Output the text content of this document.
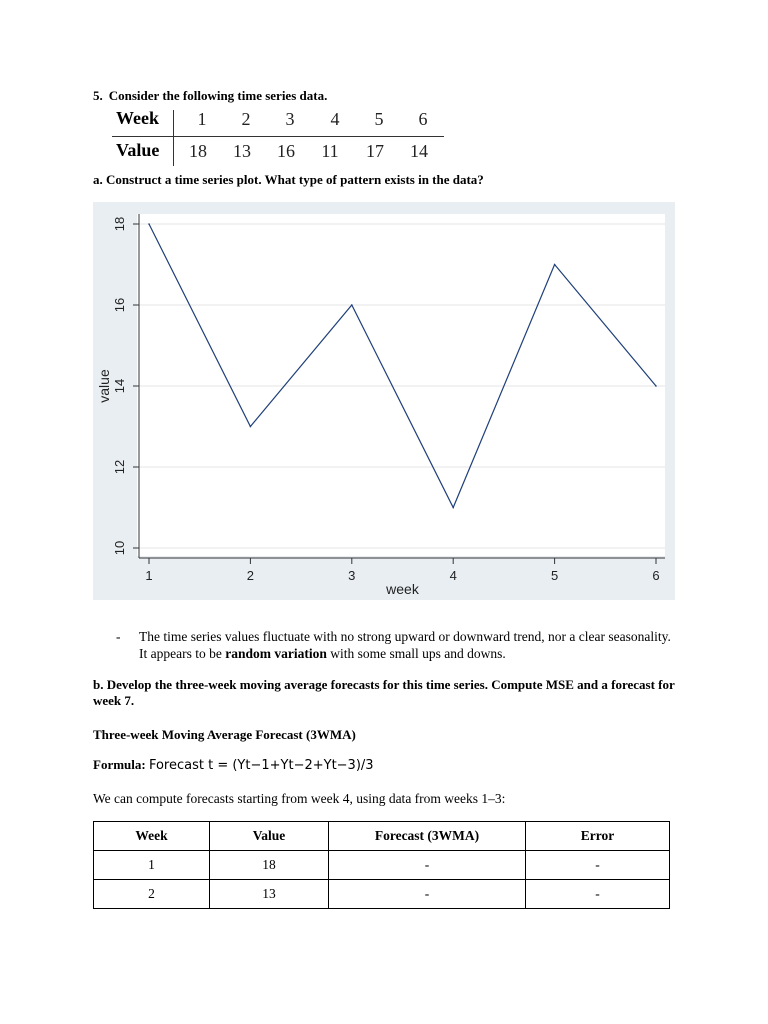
5. Consider the following time series data.
Week	1	2	3	4	5	6
Value	18	13	16	11	17	14
a. Construct a time series plot. What type of pattern exists in the data?
10
12
14
16
18
1	2	3	4	5	6
week
value
- The time series values fluctuate with no strong upward or downward trend, nor a clear seasonality. It appears to be random variation with some small ups and downs.
b. Develop the three-week moving average forecasts for this time series. Compute MSE and a forecast for week 7.
Three-week Moving Average Forecast (3WMA)
Formula: Forecast t = (Yt−1+Yt−2+Yt−3)/3
We can compute forecasts starting from week 4, using data from weeks 1–3:
Week	Value	Forecast (3WMA)	Error
1	18	-	-
2	13	-	-
